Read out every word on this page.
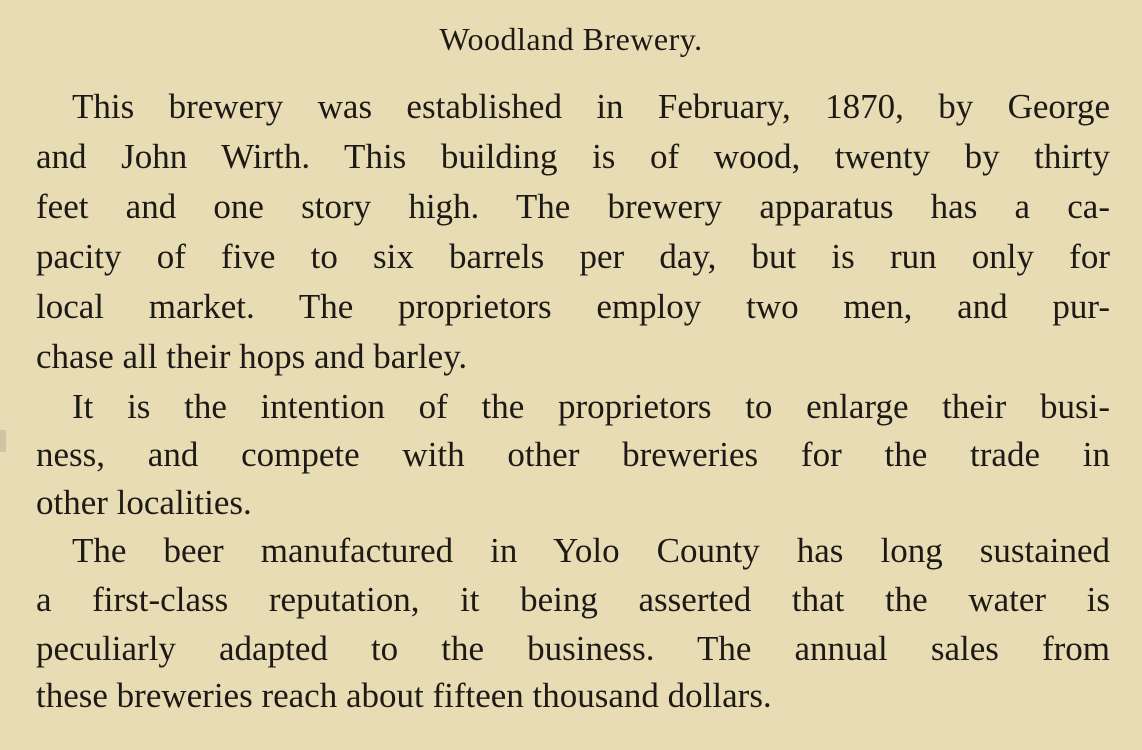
Woodland Brewery.
This brewery was established in February, 1870, by George
and John Wirth. This building is of wood, twenty by thirty
feet and one story high. The brewery apparatus has a ca-
pacity of five to six barrels per day, but is run only for
local market. The proprietors employ two men, and pur-
chase all their hops and barley.
It is the intention of the proprietors to enlarge their busi-
ness, and compete with other breweries for the trade in
other localities.
The beer manufactured in Yolo County has long sustained
a first-class reputation, it being asserted that the water is
peculiarly adapted to the business. The annual sales from
these breweries reach about fifteen thousand dollars.
